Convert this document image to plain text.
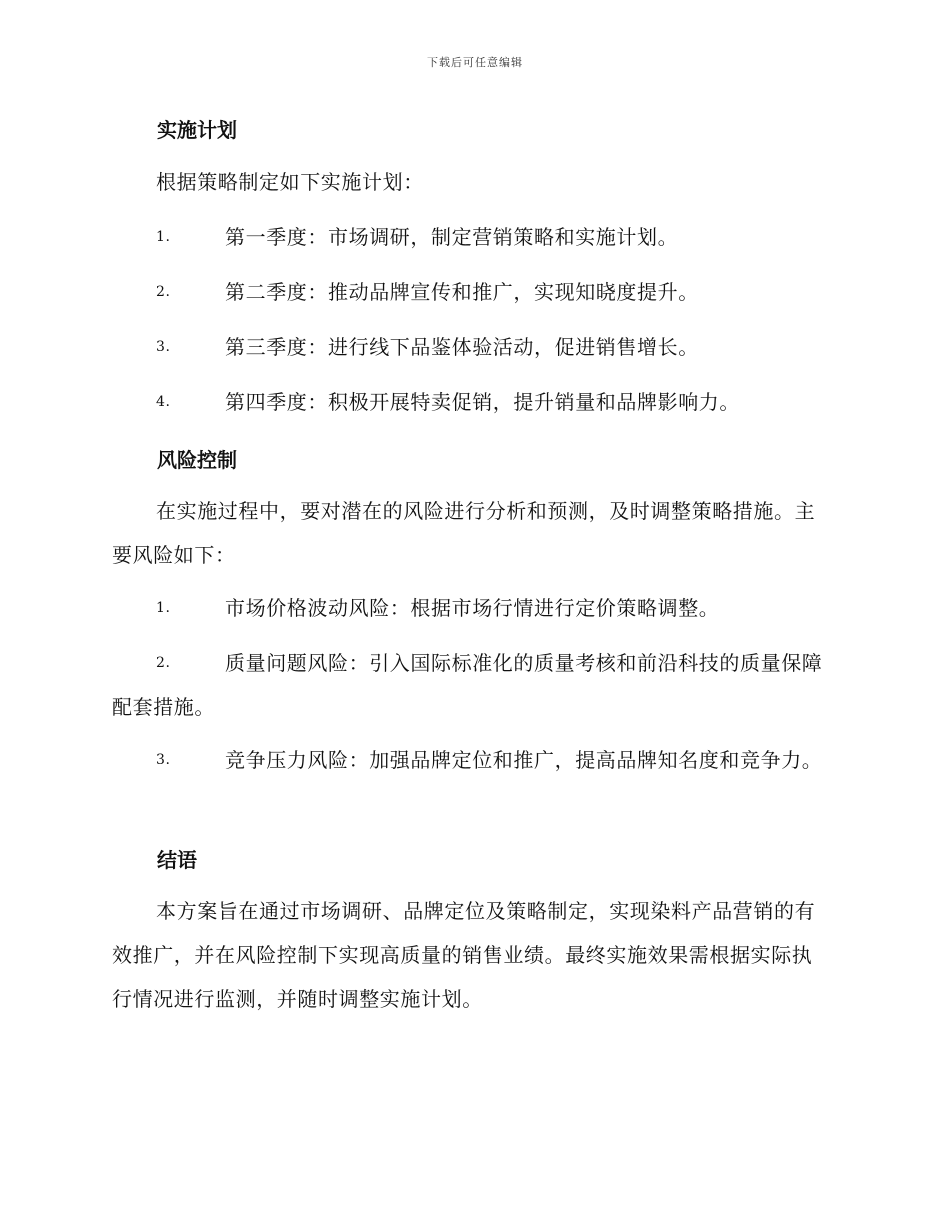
下载后可任意编辑
实施计划
根据策略制定如下实施计划：
1.	第一季度：市场调研，制定营销策略和实施计划。
2.	第二季度：推动品牌宣传和推广，实现知晓度提升。
3.	第三季度：进行线下品鉴体验活动，促进销售增长。
4.	第四季度：积极开展特卖促销，提升销量和品牌影响力。
风险控制
在实施过程中，要对潜在的风险进行分析和预测，及时调整策略措施。主要风险如下：
1.	市场价格波动风险：根据市场行情进行定价策略调整。
2.	质量问题风险：引入国际标准化的质量考核和前沿科技的质量保障配套措施。
3.	竞争压力风险：加强品牌定位和推广，提高品牌知名度和竞争力。
结语
本方案旨在通过市场调研、品牌定位及策略制定，实现染料产品营销的有效推广，并在风险控制下实现高质量的销售业绩。最终实施效果需根据实际执行情况进行监测，并随时调整实施计划。
